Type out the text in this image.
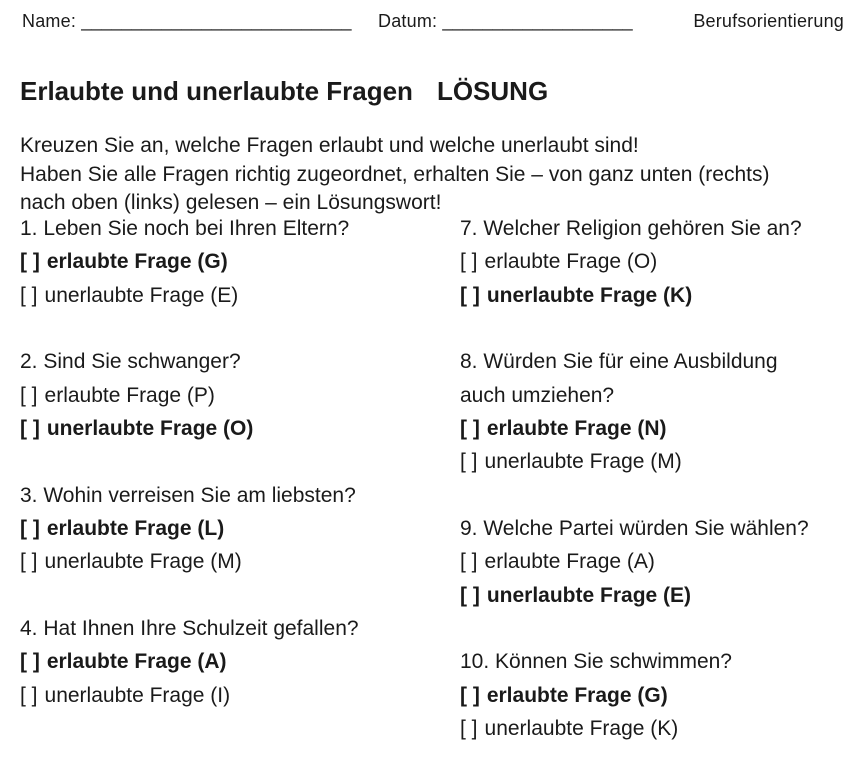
Name: ___________________________ Datum: ___________________	Berufsorientierung
Erlaubte und unerlaubte Fragen LÖSUNG
Kreuzen Sie an, welche Fragen erlaubt und welche unerlaubt sind!
Haben Sie alle Fragen richtig zugeordnet, erhalten Sie – von ganz unten (rechts)
nach oben (links) gelesen – ein Lösungswort!
1. Leben Sie noch bei Ihren Eltern?
[ ] erlaubte Frage (G)
[ ] unerlaubte Frage (E)
2. Sind Sie schwanger?
[ ] erlaubte Frage (P)
[ ] unerlaubte Frage (O)
3. Wohin verreisen Sie am liebsten?
[ ] erlaubte Frage (L)
[ ] unerlaubte Frage (M)
4. Hat Ihnen Ihre Schulzeit gefallen?
[ ] erlaubte Frage (A)
[ ] unerlaubte Frage (I)
7. Welcher Religion gehören Sie an?
[ ] erlaubte Frage (O)
[ ] unerlaubte Frage (K)
8. Würden Sie für eine Ausbildung
auch umziehen?
[ ] erlaubte Frage (N)
[ ] unerlaubte Frage (M)
9. Welche Partei würden Sie wählen?
[ ] erlaubte Frage (A)
[ ] unerlaubte Frage (E)
10. Können Sie schwimmen?
[ ] erlaubte Frage (G)
[ ] unerlaubte Frage (K)
